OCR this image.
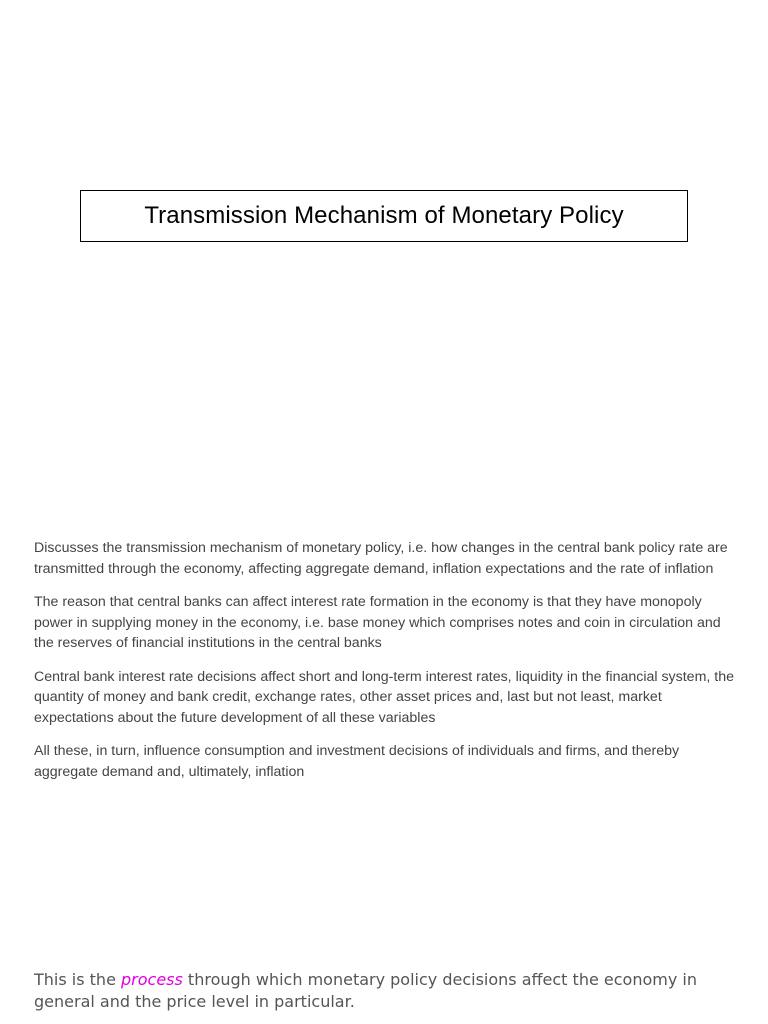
Transmission Mechanism of Monetary Policy

Discusses the transmission mechanism of monetary policy, i.e. how changes in the central bank policy rate are transmitted through the economy, affecting aggregate demand, inflation expectations and the rate of inflation

The reason that central banks can affect interest rate formation in the economy is that they have monopoly power in supplying money in the economy, i.e. base money which comprises notes and coin in circulation and the reserves of financial institutions in the central banks

Central bank interest rate decisions affect short and long-term interest rates, liquidity in the financial system, the quantity of money and bank credit, exchange rates, other asset prices and, last but not least, market expectations about the future development of all these variables

All these, in turn, influence consumption and investment decisions of individuals and firms, and thereby aggregate demand and, ultimately, inflation

This is the process through which monetary policy decisions affect the economy in general and the price level in particular.
